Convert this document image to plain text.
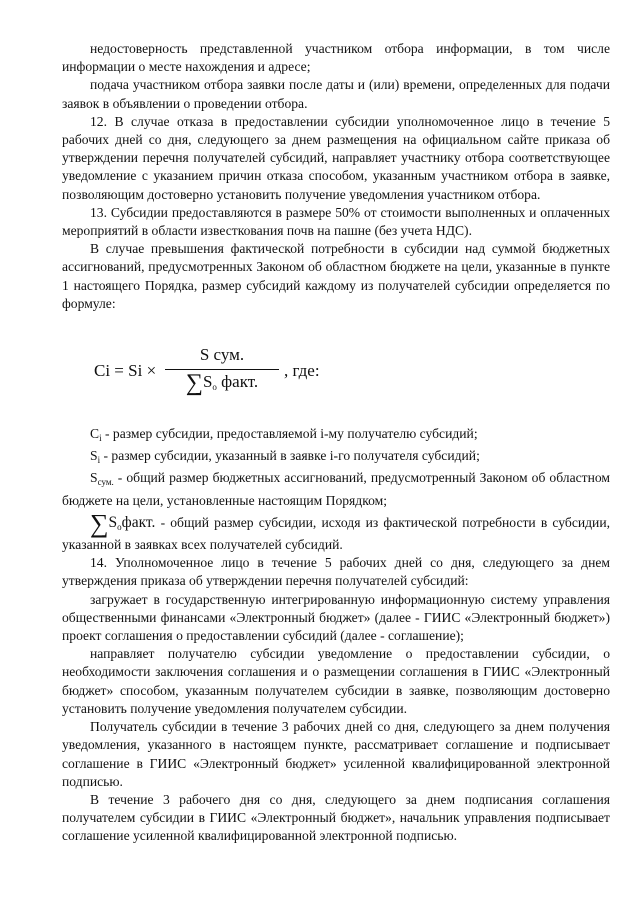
недостоверность представленной участником отбора информации, в том числе информации о месте нахождения и адресе;

подача участником отбора заявки после даты и (или) времени, определенных для подачи заявок в объявлении о проведении отбора.

12. В случае отказа в предоставлении субсидии уполномоченное лицо в течение 5 рабочих дней со дня, следующего за днем размещения на официальном сайте приказа об утверждении перечня получателей субсидий, направляет участнику отбора соответствующее уведомление с указанием причин отказа способом, указанным участником отбора в заявке, позволяющим достоверно установить получение уведомления участником отбора.

13. Субсидии предоставляются в размере 50% от стоимости выполненных и оплаченных мероприятий в области известкования почв на пашне (без учета НДС).

В случае превышения фактической потребности в субсидии над суммой бюджетных ассигнований, предусмотренных Законом об областном бюджете на цели, указанные в пункте 1 настоящего Порядка, размер субсидий каждому из получателей субсидии определяется по формуле:

Ci = Si ×
S сум.
$\sum S_о$ факт.
, где:

$C_i$ - размер субсидии, предоставляемой i-му получателю субсидий;

$S_i$ - размер субсидии, указанный в заявке i-го получателя субсидий;

$S_{сум.}$ - общий размер бюджетных ассигнований, предусмотренный Законом об областном бюджете на цели, установленные настоящим Порядком;

$\sum S_офакт$. - общий размер субсидии, исходя из фактической потребности в субсидии, указанной в заявках всех получателей субсидий.

14. Уполномоченное лицо в течение 5 рабочих дней со дня, следующего за днем утверждения приказа об утверждении перечня получателей субсидий:

загружает в государственную интегрированную информационную систему управления общественными финансами «Электронный бюджет» (далее - ГИИС «Электронный бюджет») проект соглашения о предоставлении субсидий (далее - соглашение);

направляет получателю субсидии уведомление о предоставлении субсидии, о необходимости заключения соглашения и о размещении соглашения в ГИИС «Электронный бюджет» способом, указанным получателем субсидии в заявке, позволяющим достоверно установить получение уведомления получателем субсидии.

Получатель субсидии в течение 3 рабочих дней со дня, следующего за днем получения уведомления, указанного в настоящем пункте, рассматривает соглашение и подписывает соглашение в ГИИС «Электронный бюджет» усиленной квалифицированной электронной подписью.

В течение 3 рабочего дня со дня, следующего за днем подписания соглашения получателем субсидии в ГИИС «Электронный бюджет», начальник управления подписывает соглашение усиленной квалифицированной электронной подписью.
